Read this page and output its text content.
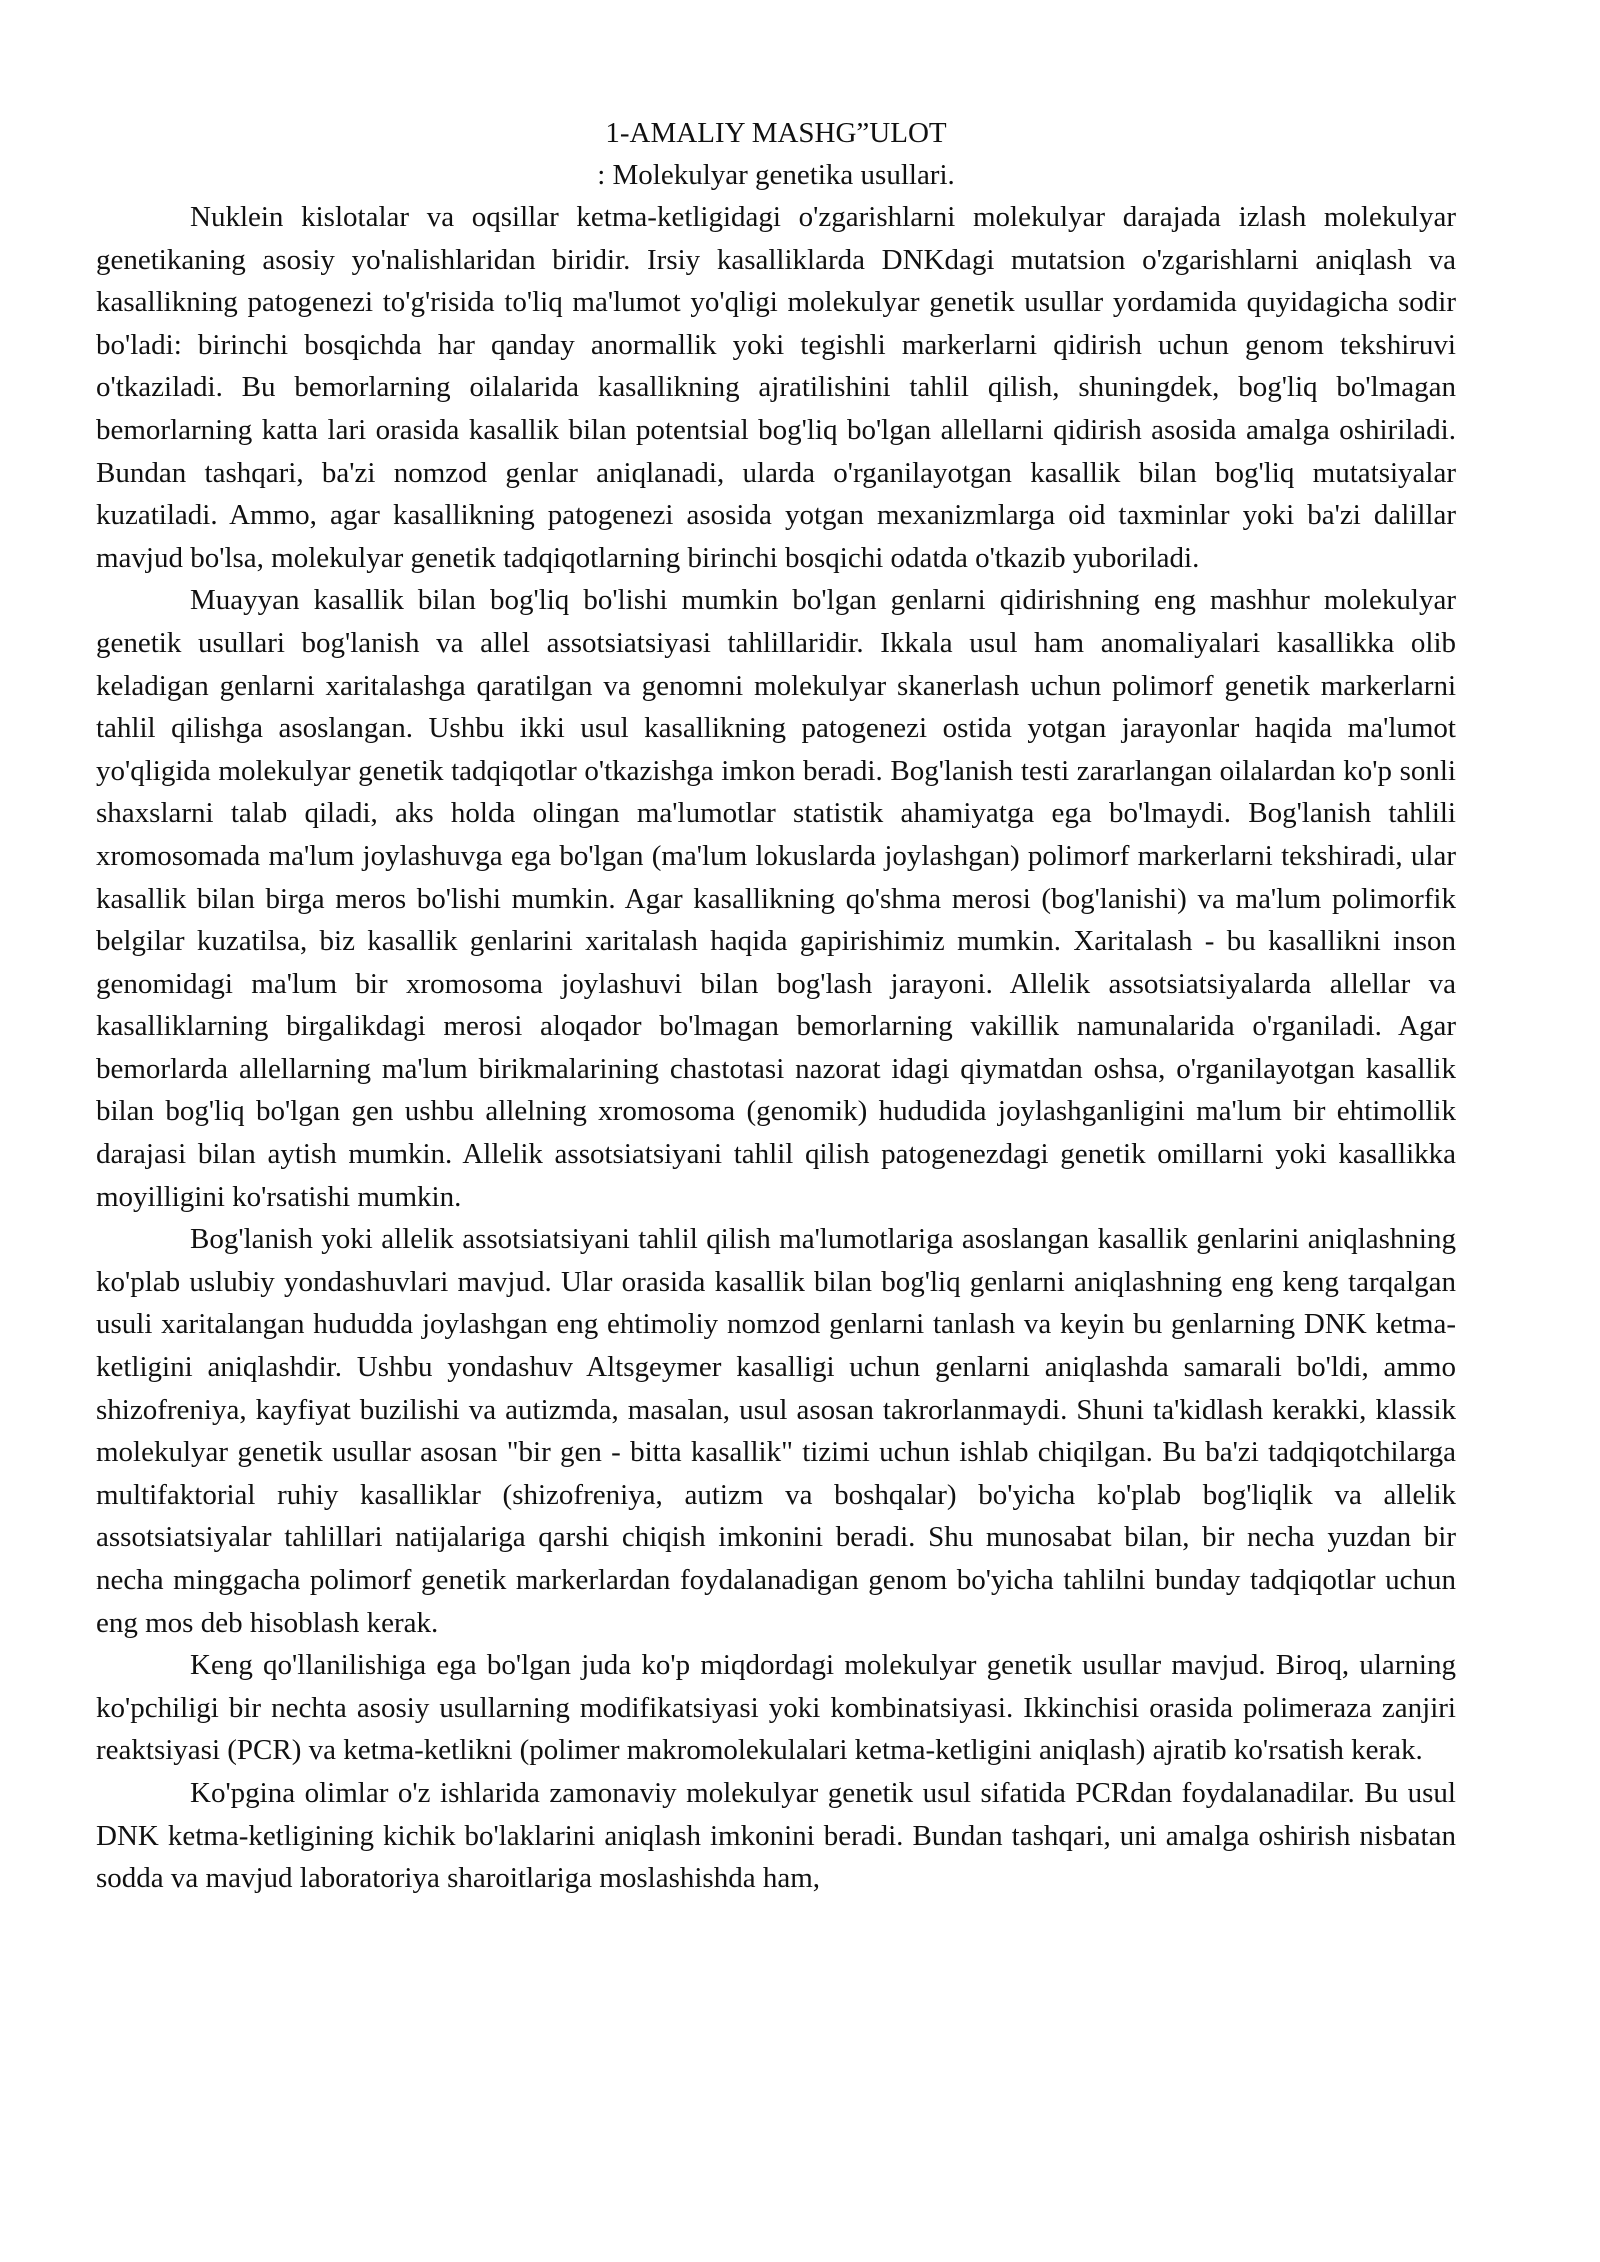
1-AMALIY MASHG”ULOT
: Molekulyar genetika usullari.

Nuklein kislotalar va oqsillar ketma-ketligidagi o'zgarishlarni molekulyar darajada izlash molekulyar genetikaning asosiy yo'nalishlaridan biridir. Irsiy kasalliklarda DNKdagi mutatsion o'zgarishlarni aniqlash va kasallikning patogenezi to'g'risida to'liq ma'lumot yo'qligi molekulyar genetik usullar yordamida quyidagicha sodir bo'ladi: birinchi bosqichda har qanday anormallik yoki tegishli markerlarni qidirish uchun genom tekshiruvi o'tkaziladi. Bu bemorlarning oilalarida kasallikning ajratilishini tahlil qilish, shuningdek, bog'liq bo'lmagan bemorlarning katta lari orasida kasallik bilan potentsial bog'liq bo'lgan allellarni qidirish asosida amalga oshiriladi. Bundan tashqari, ba'zi nomzod genlar aniqlanadi, ularda o'rganilayotgan kasallik bilan bog'liq mutatsiyalar kuzatiladi. Ammo, agar kasallikning patogenezi asosida yotgan mexanizmlarga oid taxminlar yoki ba'zi dalillar mavjud bo'lsa, molekulyar genetik tadqiqotlarning birinchi bosqichi odatda o'tkazib yuboriladi.

Muayyan kasallik bilan bog'liq bo'lishi mumkin bo'lgan genlarni qidirishning eng mashhur molekulyar genetik usullari bog'lanish va allel assotsiatsiyasi tahlillaridir. Ikkala usul ham anomaliyalari kasallikka olib keladigan genlarni xaritalashga qaratilgan va genomni molekulyar skanerlash uchun polimorf genetik markerlarni tahlil qilishga asoslangan. Ushbu ikki usul kasallikning patogenezi ostida yotgan jarayonlar haqida ma'lumot yo'qligida molekulyar genetik tadqiqotlar o'tkazishga imkon beradi. Bog'lanish testi zararlangan oilalardan ko'p sonli shaxslarni talab qiladi, aks holda olingan ma'lumotlar statistik ahamiyatga ega bo'lmaydi. Bog'lanish tahlili xromosomada ma'lum joylashuvga ega bo'lgan (ma'lum lokuslarda joylashgan) polimorf markerlarni tekshiradi, ular kasallik bilan birga meros bo'lishi mumkin. Agar kasallikning qo'shma merosi (bog'lanishi) va ma'lum polimorfik belgilar kuzatilsa, biz kasallik genlarini xaritalash haqida gapirishimiz mumkin. Xaritalash - bu kasallikni inson genomidagi ma'lum bir xromosoma joylashuvi bilan bog'lash jarayoni. Allelik assotsiatsiyalarda allellar va kasalliklarning birgalikdagi merosi aloqador bo'lmagan bemorlarning vakillik namunalarida o'rganiladi. Agar bemorlarda allellarning ma'lum birikmalarining chastotasi nazorat idagi qiymatdan oshsa, o'rganilayotgan kasallik bilan bog'liq bo'lgan gen ushbu allelning xromosoma (genomik) hududida joylashganligini ma'lum bir ehtimollik darajasi bilan aytish mumkin. Allelik assotsiatsiyani tahlil qilish patogenezdagi genetik omillarni yoki kasallikka moyilligini ko'rsatishi mumkin.

Bog'lanish yoki allelik assotsiatsiyani tahlil qilish ma'lumotlariga asoslangan kasallik genlarini aniqlashning ko'plab uslubiy yondashuvlari mavjud. Ular orasida kasallik bilan bog'liq genlarni aniqlashning eng keng tarqalgan usuli xaritalangan hududda joylashgan eng ehtimoliy nomzod genlarni tanlash va keyin bu genlarning DNK ketma-ketligini aniqlashdir. Ushbu yondashuv Altsgeymer kasalligi uchun genlarni aniqlashda samarali bo'ldi, ammo shizofreniya, kayfiyat buzilishi va autizmda, masalan, usul asosan takrorlanmaydi. Shuni ta'kidlash kerakki, klassik molekulyar genetik usullar asosan "bir gen - bitta kasallik" tizimi uchun ishlab chiqilgan. Bu ba'zi tadqiqotchilarga multifaktorial ruhiy kasalliklar (shizofreniya, autizm va boshqalar) bo'yicha ko'plab bog'liqlik va allelik assotsiatsiyalar tahlillari natijalariga qarshi chiqish imkonini beradi. Shu munosabat bilan, bir necha yuzdan bir necha minggacha polimorf genetik markerlardan foydalanadigan genom bo'yicha tahlilni bunday tadqiqotlar uchun eng mos deb hisoblash kerak.

Keng qo'llanilishiga ega bo'lgan juda ko'p miqdordagi molekulyar genetik usullar mavjud. Biroq, ularning ko'pchiligi bir nechta asosiy usullarning modifikatsiyasi yoki kombinatsiyasi. Ikkinchisi orasida polimeraza zanjiri reaktsiyasi (PCR) va ketma-ketlikni (polimer makromolekulalari ketma-ketligini aniqlash) ajratib ko'rsatish kerak.

Ko'pgina olimlar o'z ishlarida zamonaviy molekulyar genetik usul sifatida PCRdan foydalanadilar. Bu usul DNK ketma-ketligining kichik bo'laklarini aniqlash imkonini beradi. Bundan tashqari, uni amalga oshirish nisbatan sodda va mavjud laboratoriya sharoitlariga moslashishda ham,
